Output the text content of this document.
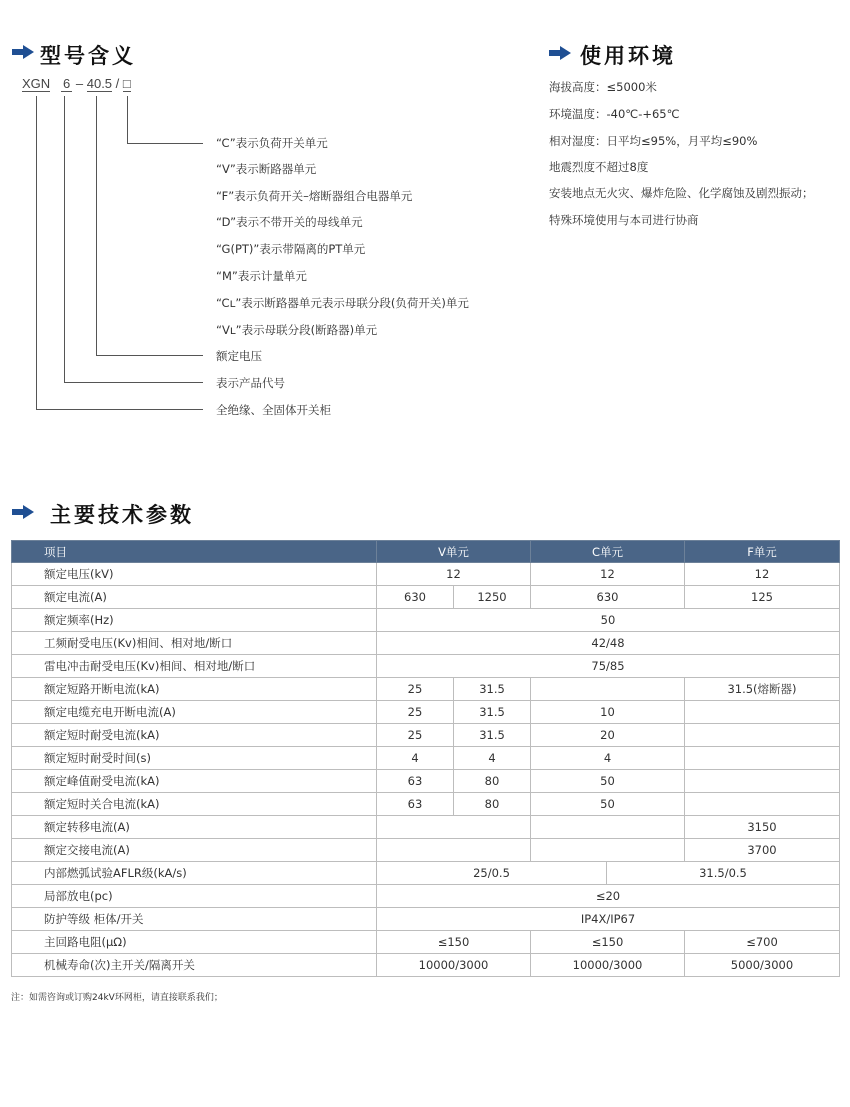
型号含义
XGN 6 – 40.5 / □
“C”表示负荷开关单元
“V”表示断路器单元
“F”表示负荷开关–熔断器组合电器单元
“D”表示不带开关的母线单元
“G(PT)”表示带隔离的PT单元
“M”表示计量单元
“Cʟ”表示断路器单元表示母联分段(负荷开关)单元
“Vʟ”表示母联分段(断路器)单元
额定电压
表示产品代号
全绝缘、全固体开关柜
使用环境
海拔高度：≤5000米
环境温度：-40℃-+65℃
相对湿度：日平均≤95%，月平均≤90%
地震烈度不超过8度
安装地点无火灾、爆炸危险、化学腐蚀及剧烈振动；
特殊环境使用与本司进行协商
主要技术参数
项目	V单元		C单元		F单元
额定电压(kV)	12		12		12
额定电流(A)	630	1250	630		125
额定频率(Hz)	50				
工频耐受电压(Kv)相间、相对地/断口	42/48				
雷电冲击耐受电压(Kv)相间、相对地/断口	75/85				
额定短路开断电流(kA)	25	31.5			31.5(熔断器)
额定电缆充电开断电流(A)	25	31.5	10		
额定短时耐受电流(kA)	25	31.5	20		
额定短时耐受时间(s)	4	4	4		
额定峰值耐受电流(kA)	63	80	50		
额定短时关合电流(kA)	63	80	50		
额定转移电流(A)					3150
额定交接电流(A)					3700
内部燃弧试验AFLR级(kA/s)	25/0.5			31.5/0.5	
局部放电(pc)	≤20				
防护等级 柜体/开关	IP4X/IP67				
主回路电阻(μΩ)	≤150		≤150		≤700
机械寿命(次)主开关/隔离开关	10000/3000		10000/3000		5000/3000
注：如需咨询或订购24kV环网柜，请直接联系我们；
